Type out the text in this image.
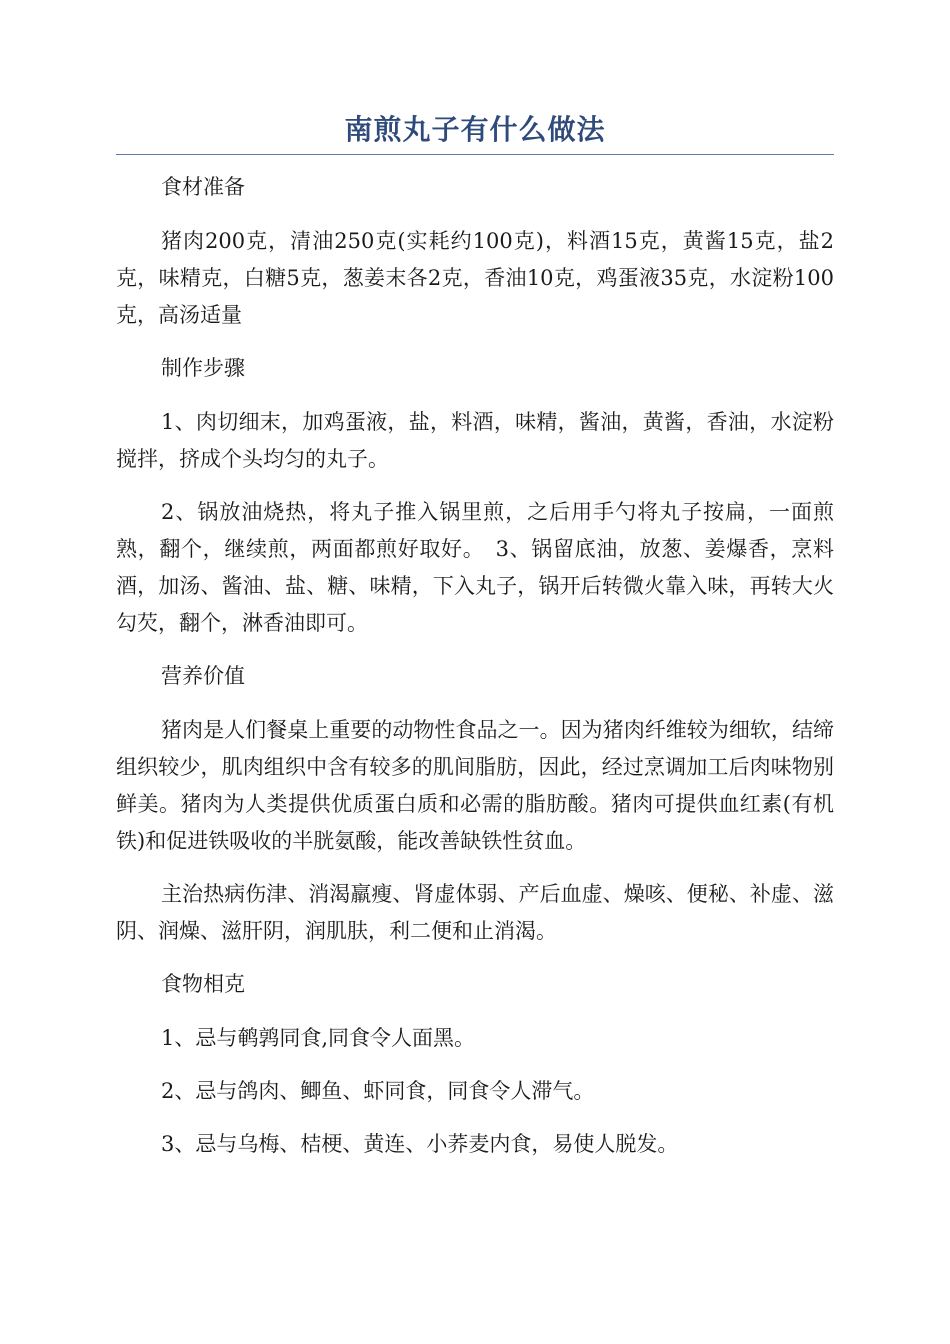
南煎丸子有什么做法

食材准备

猪肉200克，清油250克(实耗约100克)，料酒15克，黄酱15克，盐2克，味精克，白糖5克，葱姜末各2克，香油10克，鸡蛋液35克，水淀粉100克，高汤适量

制作步骤

1、肉切细末，加鸡蛋液，盐，料酒，味精，酱油，黄酱，香油，水淀粉搅拌，挤成个头均匀的丸子。

2、锅放油烧热，将丸子推入锅里煎，之后用手勺将丸子按扁，一面煎熟，翻个，继续煎，两面都煎好取好。　3、锅留底油，放葱、姜爆香，烹料酒，加汤、酱油、盐、糖、味精，下入丸子，锅开后转微火靠入味，再转大火勾芡，翻个，淋香油即可。

营养价值

猪肉是人们餐桌上重要的动物性食品之一。因为猪肉纤维较为细软，结缔组织较少，肌肉组织中含有较多的肌间脂肪，因此，经过烹调加工后肉味物别鲜美。猪肉为人类提供优质蛋白质和必需的脂肪酸。猪肉可提供血红素(有机铁)和促进铁吸收的半胱氨酸，能改善缺铁性贫血。

主治热病伤津、消渴羸瘦、肾虚体弱、产后血虚、燥咳、便秘、补虚、滋阴、润燥、滋肝阴，润肌肤，利二便和止消渴。

食物相克

1、忌与鹌鹑同食,同食令人面黑。

2、忌与鸽肉、鲫鱼、虾同食，同食令人滞气。

3、忌与乌梅、桔梗、黄连、小荞麦内食，易使人脱发。
